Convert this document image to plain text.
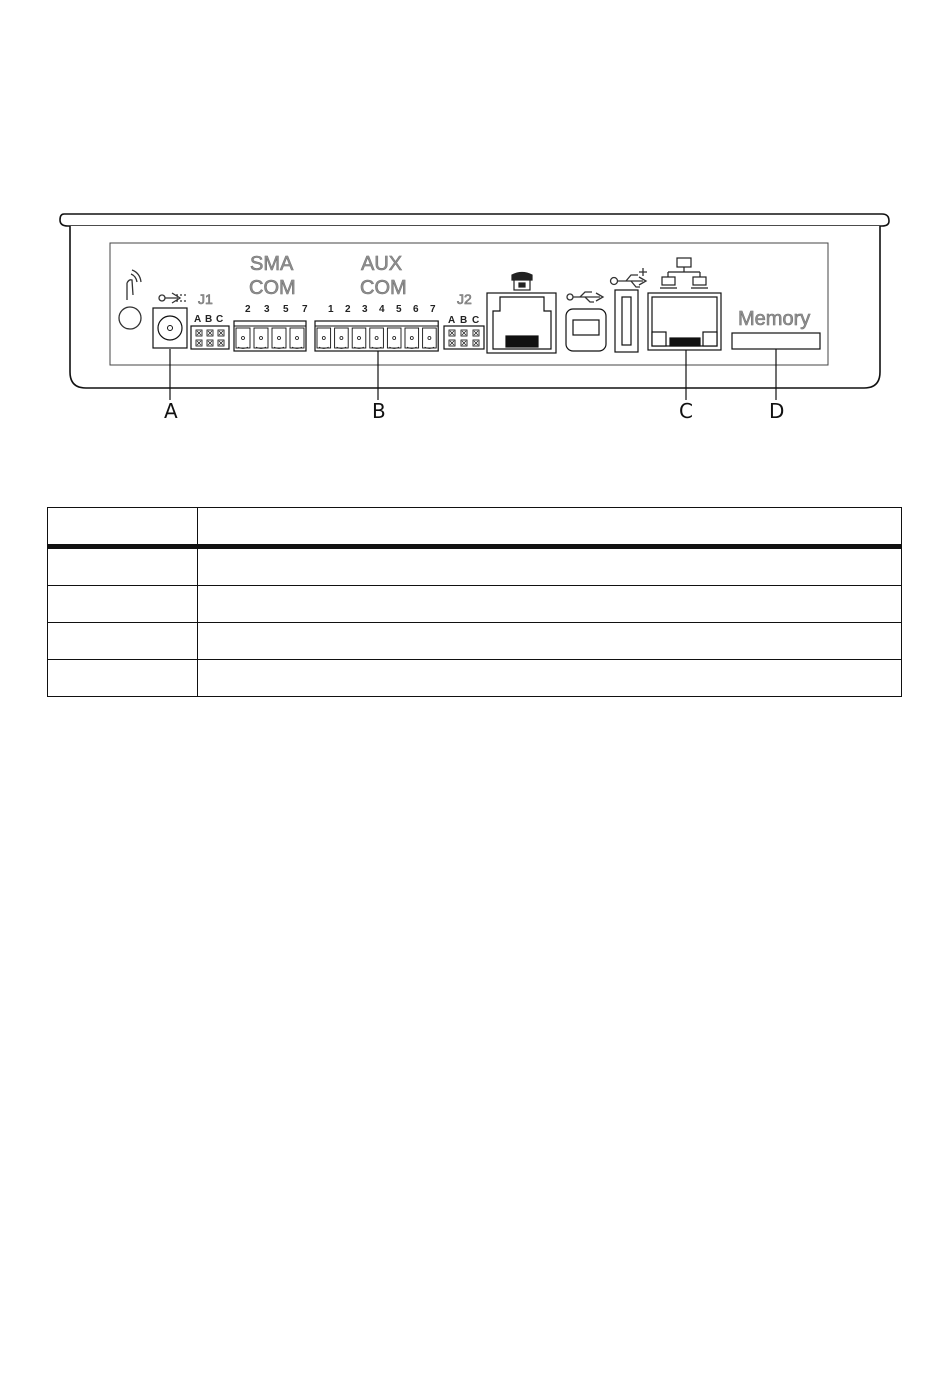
J1
A B C
SMA
COM
2 3 5 7
AUX
COM
1 2 3 4 5 6 7
J2
A B C	Memory
A	B	C	D
